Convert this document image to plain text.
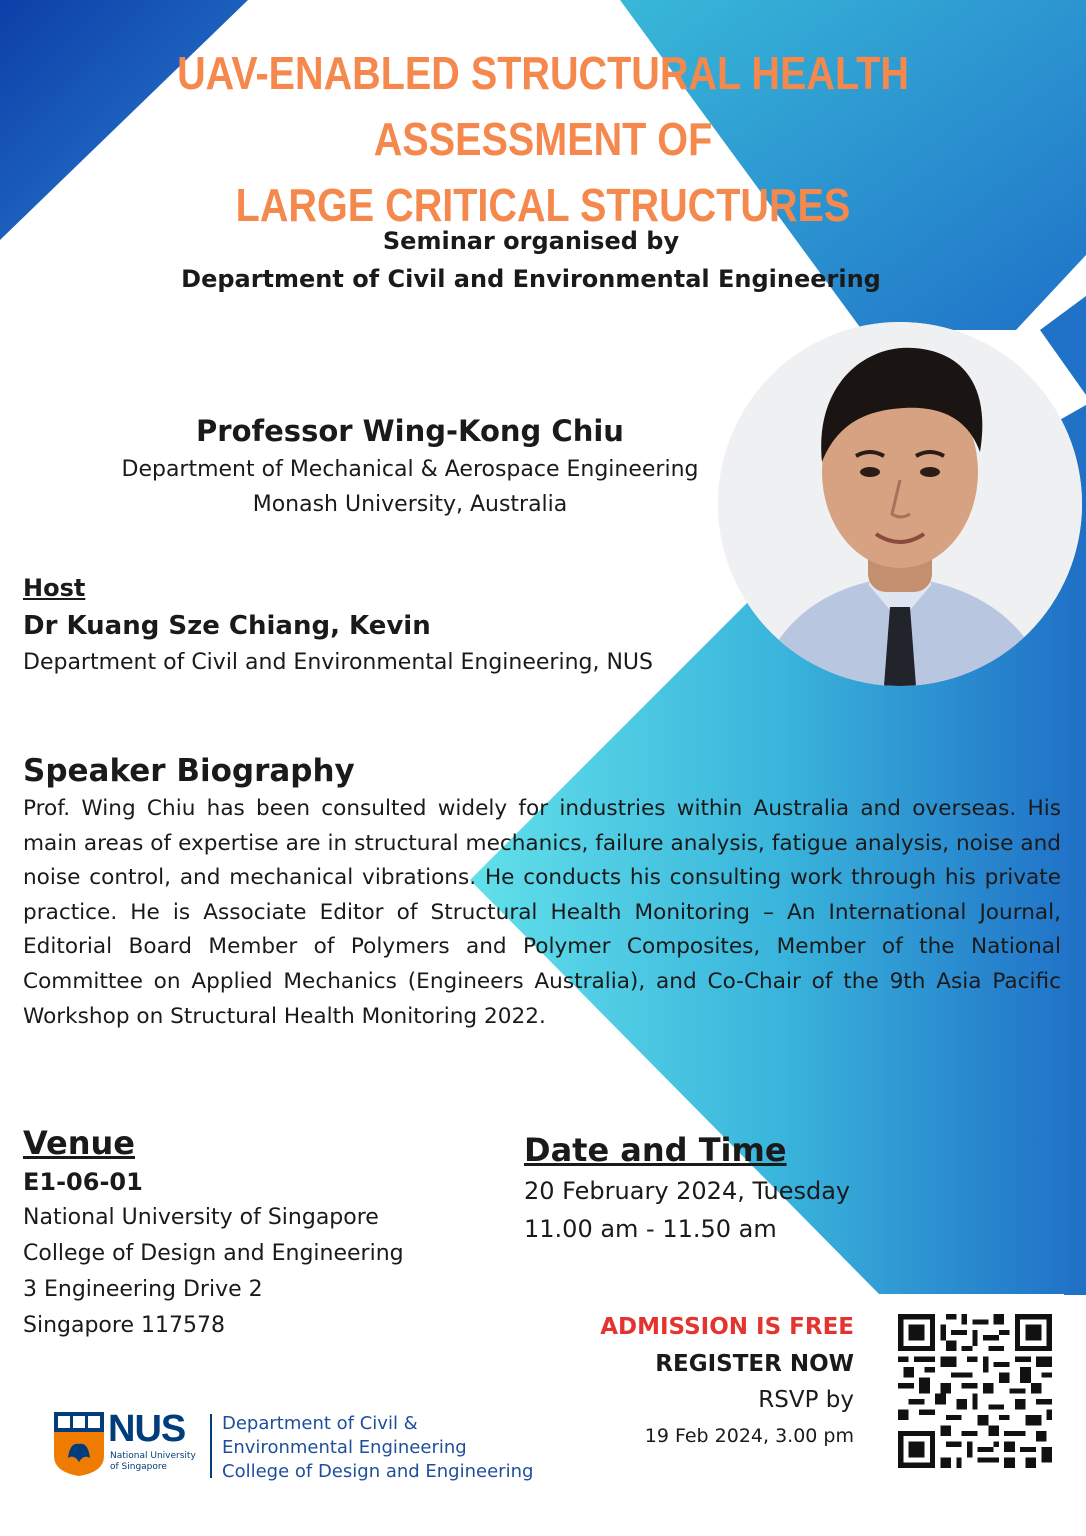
UAV-ENABLED STRUCTURAL HEALTH ASSESSMENT OF
LARGE CRITICAL STRUCTURES
Seminar organised by
Department of Civil and Environmental Engineering
Professor Wing-Kong Chiu
Department of Mechanical & Aerospace Engineering
Monash University, Australia
Host
Dr Kuang Sze Chiang, Kevin
Department of Civil and Environmental Engineering, NUS
Speaker Biography

Prof. Wing Chiu has been consulted widely for industries within Australia and overseas. His main areas of expertise are in structural mechanics, failure analysis, fatigue analysis, noise and noise control, and mechanical vibrations. He conducts his consulting work through his private practice. He is Associate Editor of Structural Health Monitoring – An International Journal, Editorial Board Member of Polymers and Polymer Composites, Member of the National Committee on Applied Mechanics (Engineers Australia), and Co-Chair of the 9th Asia Pacific Workshop on Structural Health Monitoring 2022.

Venue
E1-06-01
National University of Singapore
College of Design and Engineering
3 Engineering Drive 2
Singapore 117578
Date and Time
20 February 2024, Tuesday
11.00 am - 11.50 am
ADMISSION IS FREE
REGISTER NOW
RSVP by
19 Feb 2024, 3.00 pm
NUS
National University
of Singapore
Department of Civil &
Environmental Engineering
College of Design and Engineering
